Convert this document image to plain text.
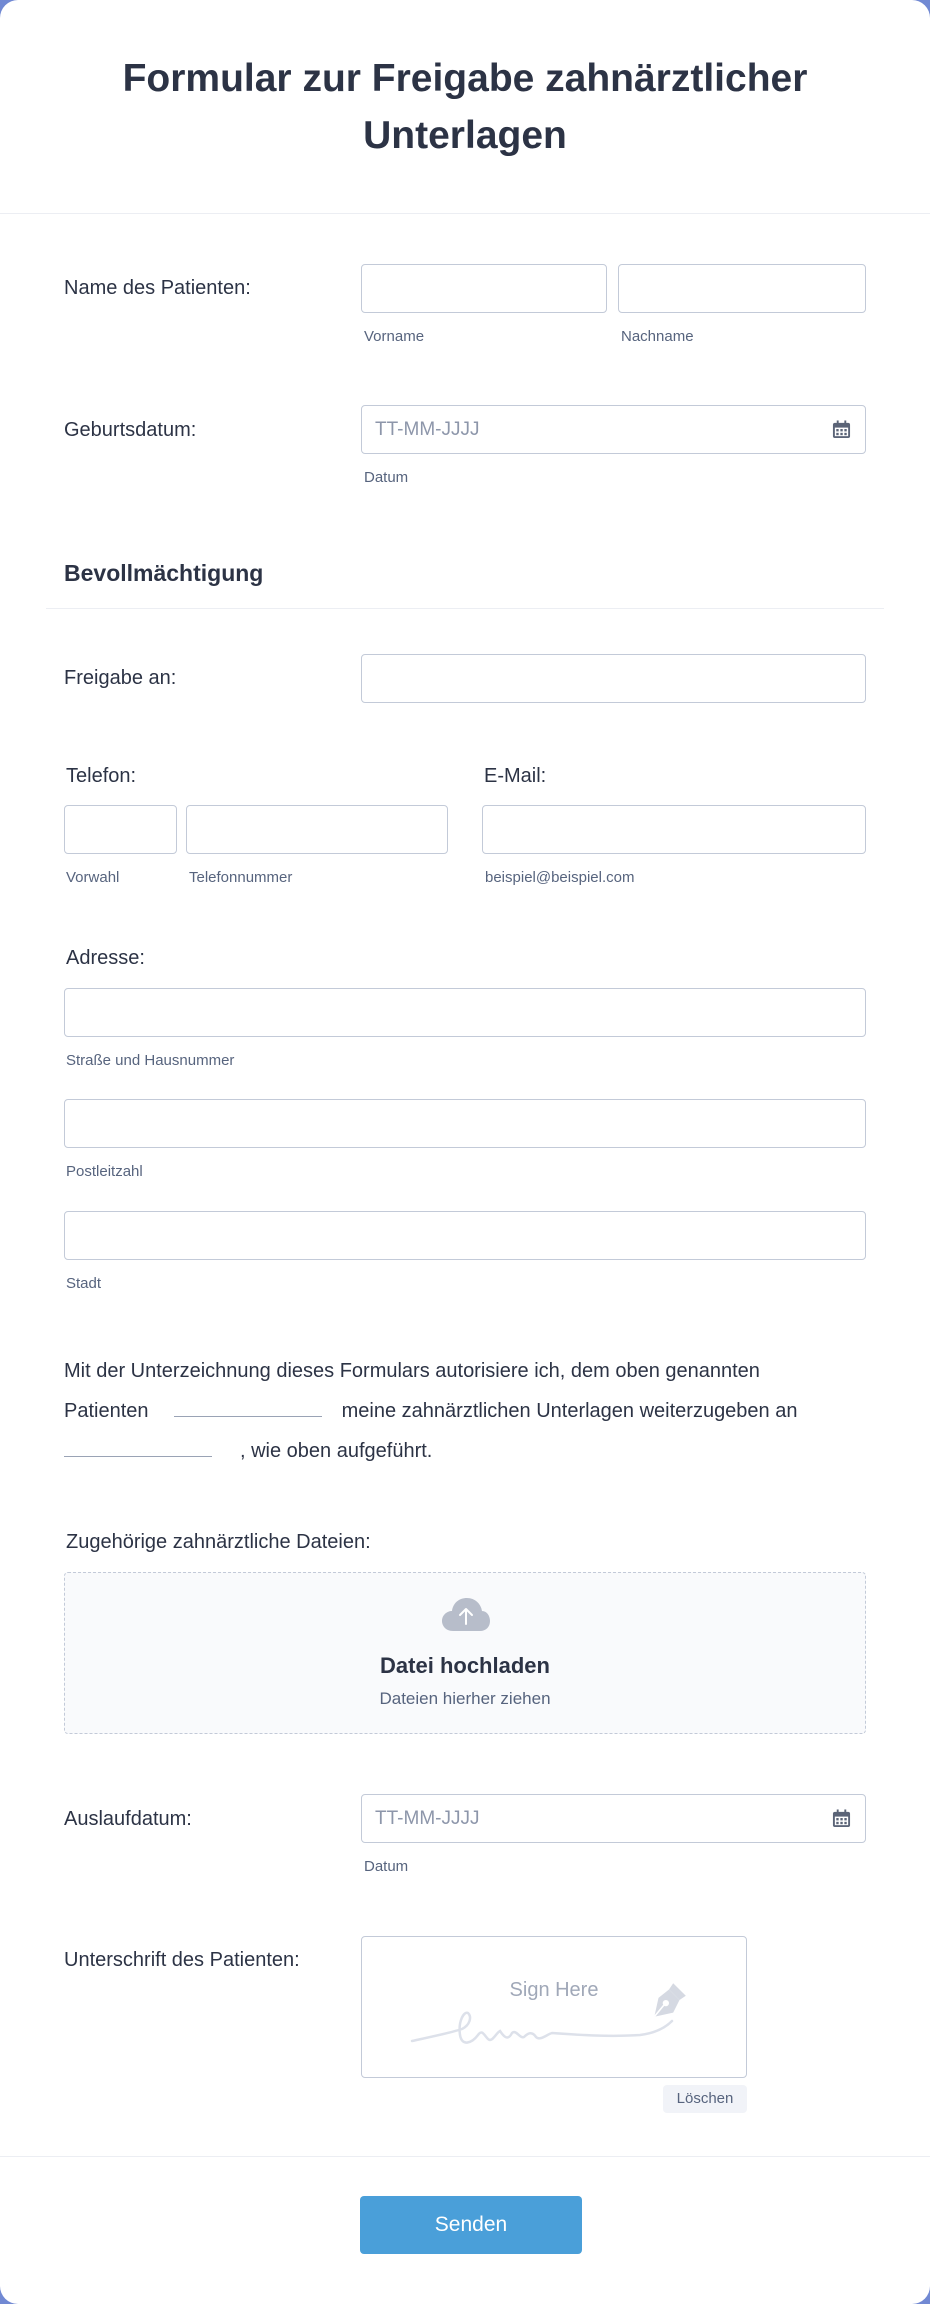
Formular zur Freigabe zahnärztlicher Unterlagen
Name des Patienten:
Vorname	Nachname
Geburtsdatum:	TT-MM-JJJJ
Datum
Bevollmächtigung
Freigabe an:
Telefon:
Vorwahl	Telefonnummer
E-Mail:
beispiel@beispiel.com
Adresse:
Straße und Hausnummer
Postleitzahl
Stadt
Mit der Unterzeichnung dieses Formulars autorisiere ich, dem oben genannten
Patienten	meine zahnärztlichen Unterlagen weiterzugeben an
, wie oben aufgeführt.
Zugehörige zahnärztliche Dateien:
Datei hochladen
Dateien hierher ziehen
Auslaufdatum:	TT-MM-JJJJ
Datum
Unterschrift des Patienten:
Sign Here
Löschen
Senden
